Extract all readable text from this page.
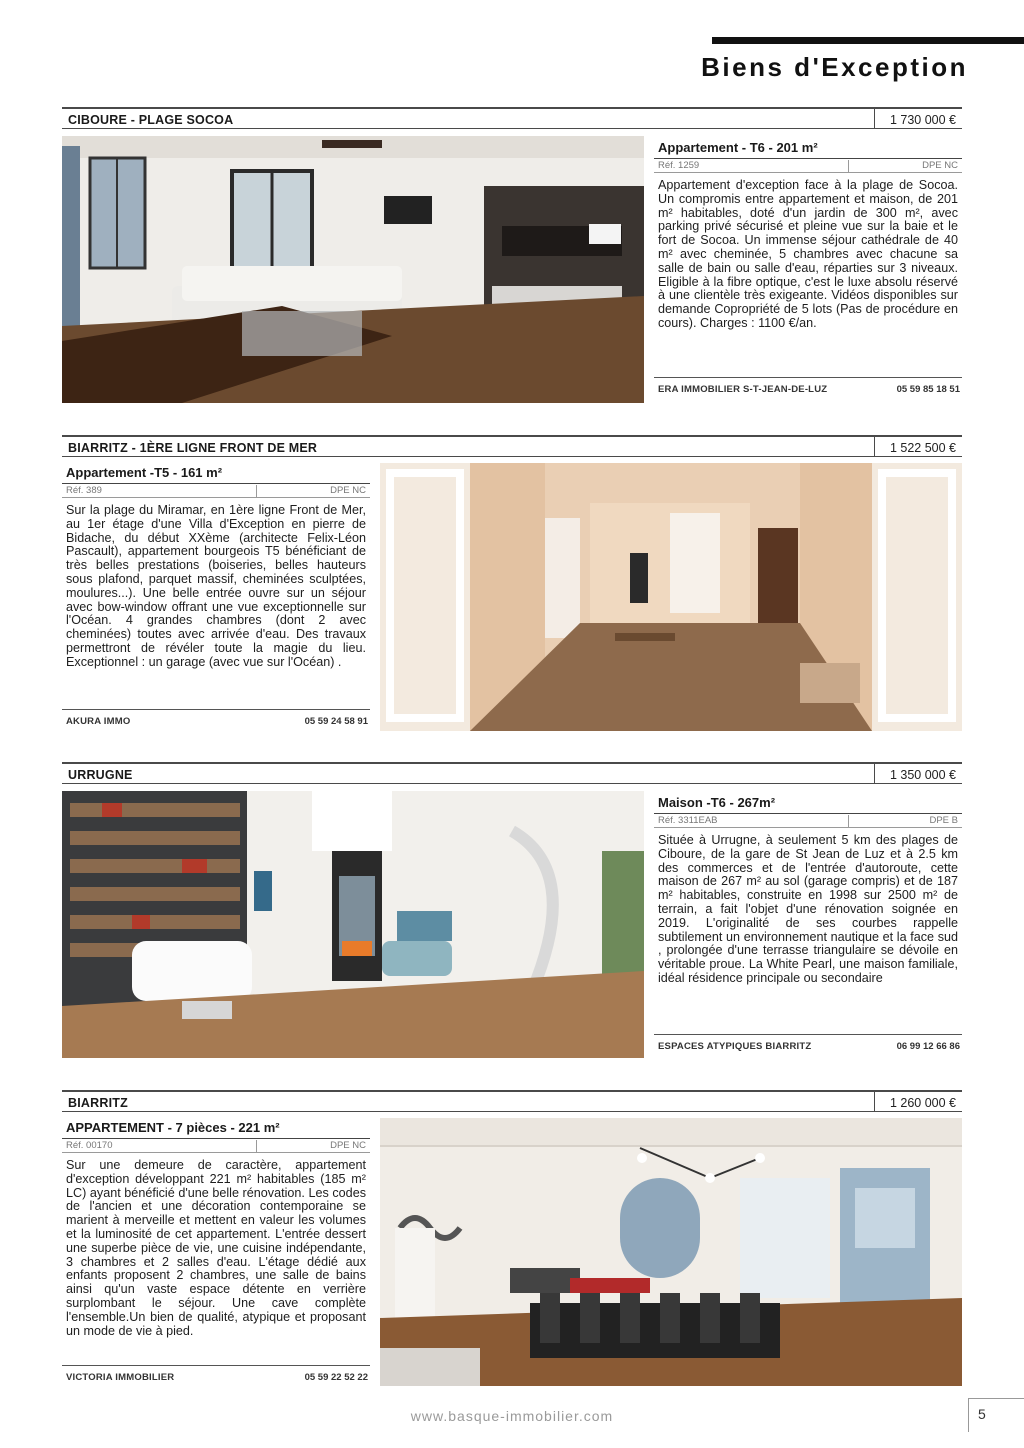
Biens d'Exception
CIBOURE - PLAGE SOCOA	1 730 000 €
Appartement - T6 - 201 m²
Réf. 1259	DPE NC
Appartement d'exception face à la plage de Socoa. Un compromis entre appartement et maison, de 201 m² habitables, doté d'un jardin de 300 m², avec parking privé sécurisé et pleine vue sur la baie et le fort de Socoa. Un immense séjour cathédrale de 40 m² avec cheminée, 5 chambres avec chacune sa salle de bain ou salle d'eau, réparties sur 3 niveaux. Eligible à la fibre optique, c'est le luxe absolu réservé à une clientèle très exigeante. Vidéos disponibles sur demande Copropriété de 5 lots (Pas de procédure en cours). Charges : 1100 €/an.
ERA IMMOBILIER S-T-JEAN-DE-LUZ	05 59 85 18 51
BIARRITZ - 1ÈRE LIGNE FRONT DE MER	1 522 500 €
Appartement -T5 - 161 m²
Réf. 389	DPE NC
Sur la plage du Miramar, en 1ère ligne Front de Mer, au 1er étage d'une Villa d'Exception en pierre de Bidache, du début XXème (architecte Felix-Léon Pascault), appartement bourgeois T5 bénéficiant de très belles prestations (boiseries, belles hauteurs sous plafond, parquet massif, cheminées sculptées, moulures...). Une belle entrée ouvre sur un séjour avec bow-window offrant une vue exceptionnelle sur l'Océan. 4 grandes chambres (dont 2 avec cheminées) toutes avec arrivée d'eau. Des travaux permettront de révéler toute la magie du lieu. Exceptionnel : un garage (avec vue sur l'Océan) .
AKURA IMMO	05 59 24 58 91
URRUGNE	1 350 000 €
Maison -T6 - 267m²
Réf. 3311EAB	DPE B
Située à Urrugne, à seulement 5 km des plages de Ciboure, de la gare de St Jean de Luz et à 2.5 km des commerces et de l'entrée d'autoroute, cette maison de 267 m² au sol (garage compris) et de 187 m² habitables, construite en 1998 sur 2500 m² de terrain, a fait l'objet d'une rénovation soignée en 2019. L'originalité de ses courbes rappelle subtilement un environnement nautique et la face sud , prolongée d'une terrasse triangulaire se dévoile en véritable proue. La White Pearl, une maison familiale, idéal résidence principale ou secondaire
ESPACES ATYPIQUES BIARRITZ	06 99 12 66 86
BIARRITZ	1 260 000 €
APPARTEMENT - 7 pièces - 221 m²
Réf. 00170	DPE NC
Sur une demeure de caractère, appartement d'exception développant 221 m² habitables (185 m² LC) ayant bénéficié d'une belle rénovation. Les codes de l'ancien et une décoration contemporaine se marient à merveille et mettent en valeur les volumes et la luminosité de cet appartement. L'entrée dessert une superbe pièce de vie, une cuisine indépendante, 3 chambres et 2 salles d'eau. L'étage dédié aux enfants proposent 2 chambres, une salle de bains ainsi qu'un vaste espace détente en verrière surplombant le séjour. Une cave complète l'ensemble.Un bien de qualité, atypique et proposant un mode de vie à pied.
VICTORIA IMMOBILIER	05 59 22 52 22
www.basque-immobilier.com	5
